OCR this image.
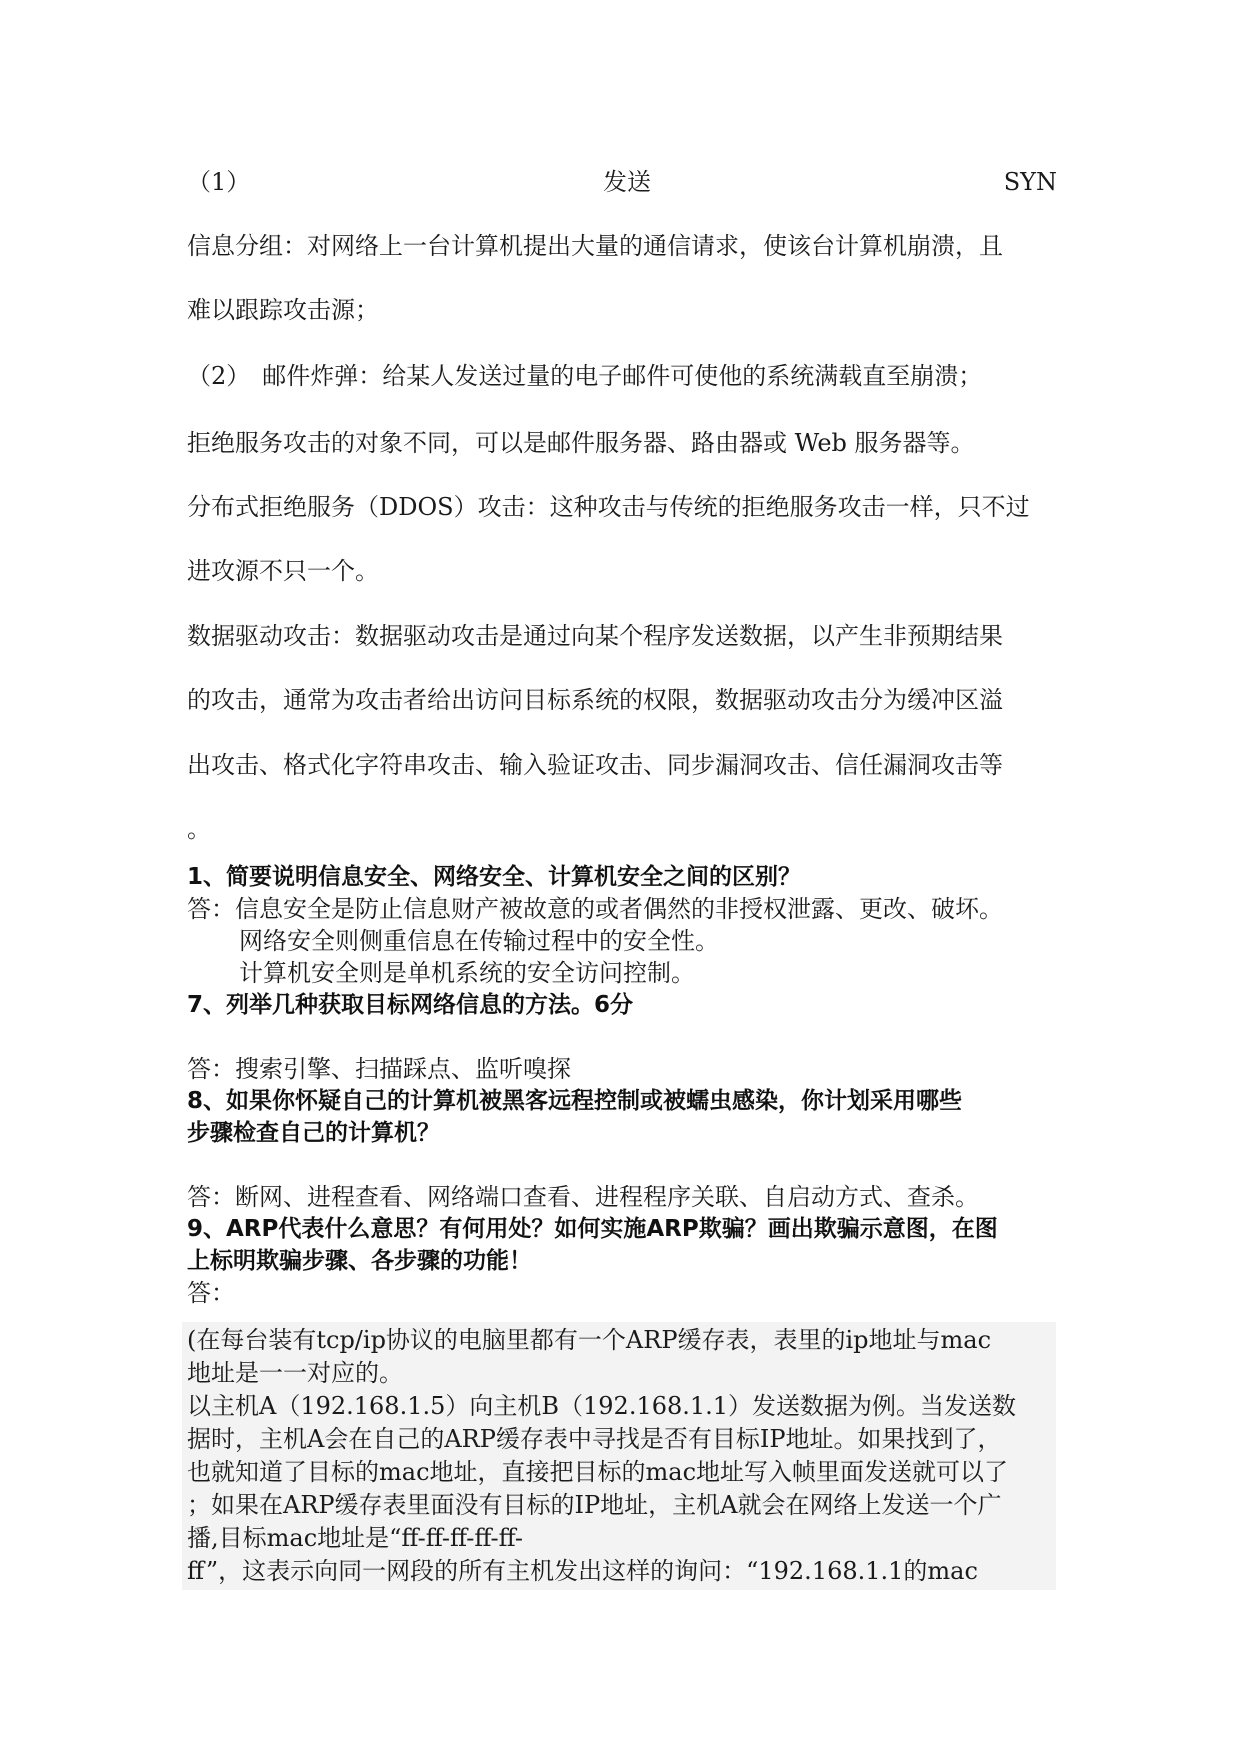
（1）	发送	SYN
信息分组：对网络上一台计算机提出大量的通信请求，使该台计算机崩溃，且
难以跟踪攻击源；
（2）　邮件炸弹：给某人发送过量的电子邮件可使他的系统满载直至崩溃；
拒绝服务攻击的对象不同，可以是邮件服务器、路由器或 Web 服务器等。
分布式拒绝服务（DDOS）攻击：这种攻击与传统的拒绝服务攻击一样，只不过
进攻源不只一个。
数据驱动攻击：数据驱动攻击是通过向某个程序发送数据，以产生非预期结果
的攻击，通常为攻击者给出访问目标系统的权限，数据驱动攻击分为缓冲区溢
出攻击、格式化字符串攻击、输入验证攻击、同步漏洞攻击、信任漏洞攻击等
。
1、简要说明信息安全、网络安全、计算机安全之间的区别？
答：信息安全是防止信息财产被故意的或者偶然的非授权泄露、更改、破坏。
网络安全则侧重信息在传输过程中的安全性。
计算机安全则是单机系统的安全访问控制。
7、列举几种获取目标网络信息的方法。6分
答：搜索引擎、扫描踩点、监听嗅探
8、如果你怀疑自己的计算机被黑客远程控制或被蠕虫感染，你计划采用哪些
步骤检查自己的计算机？
答：断网、进程查看、网络端口查看、进程程序关联、自启动方式、查杀。
9、ARP代表什么意思？有何用处？如何实施ARP欺骗？画出欺骗示意图，在图
上标明欺骗步骤、各步骤的功能！
答：
(在每台装有tcp/ip协议的电脑里都有一个ARP缓存表，表里的ip地址与mac
地址是一一对应的。
以主机A（192.168.1.5）向主机B（192.168.1.1）发送数据为例。当发送数
据时，主机A会在自己的ARP缓存表中寻找是否有目标IP地址。如果找到了，
也就知道了目标的mac地址，直接把目标的mac地址写入帧里面发送就可以了
；如果在ARP缓存表里面没有目标的IP地址，主机A就会在网络上发送一个广
播,目标mac地址是“ff-ff-ff-ff-ff-
ff”，这表示向同一网段的所有主机发出这样的询问：“192.168.1.1的mac
